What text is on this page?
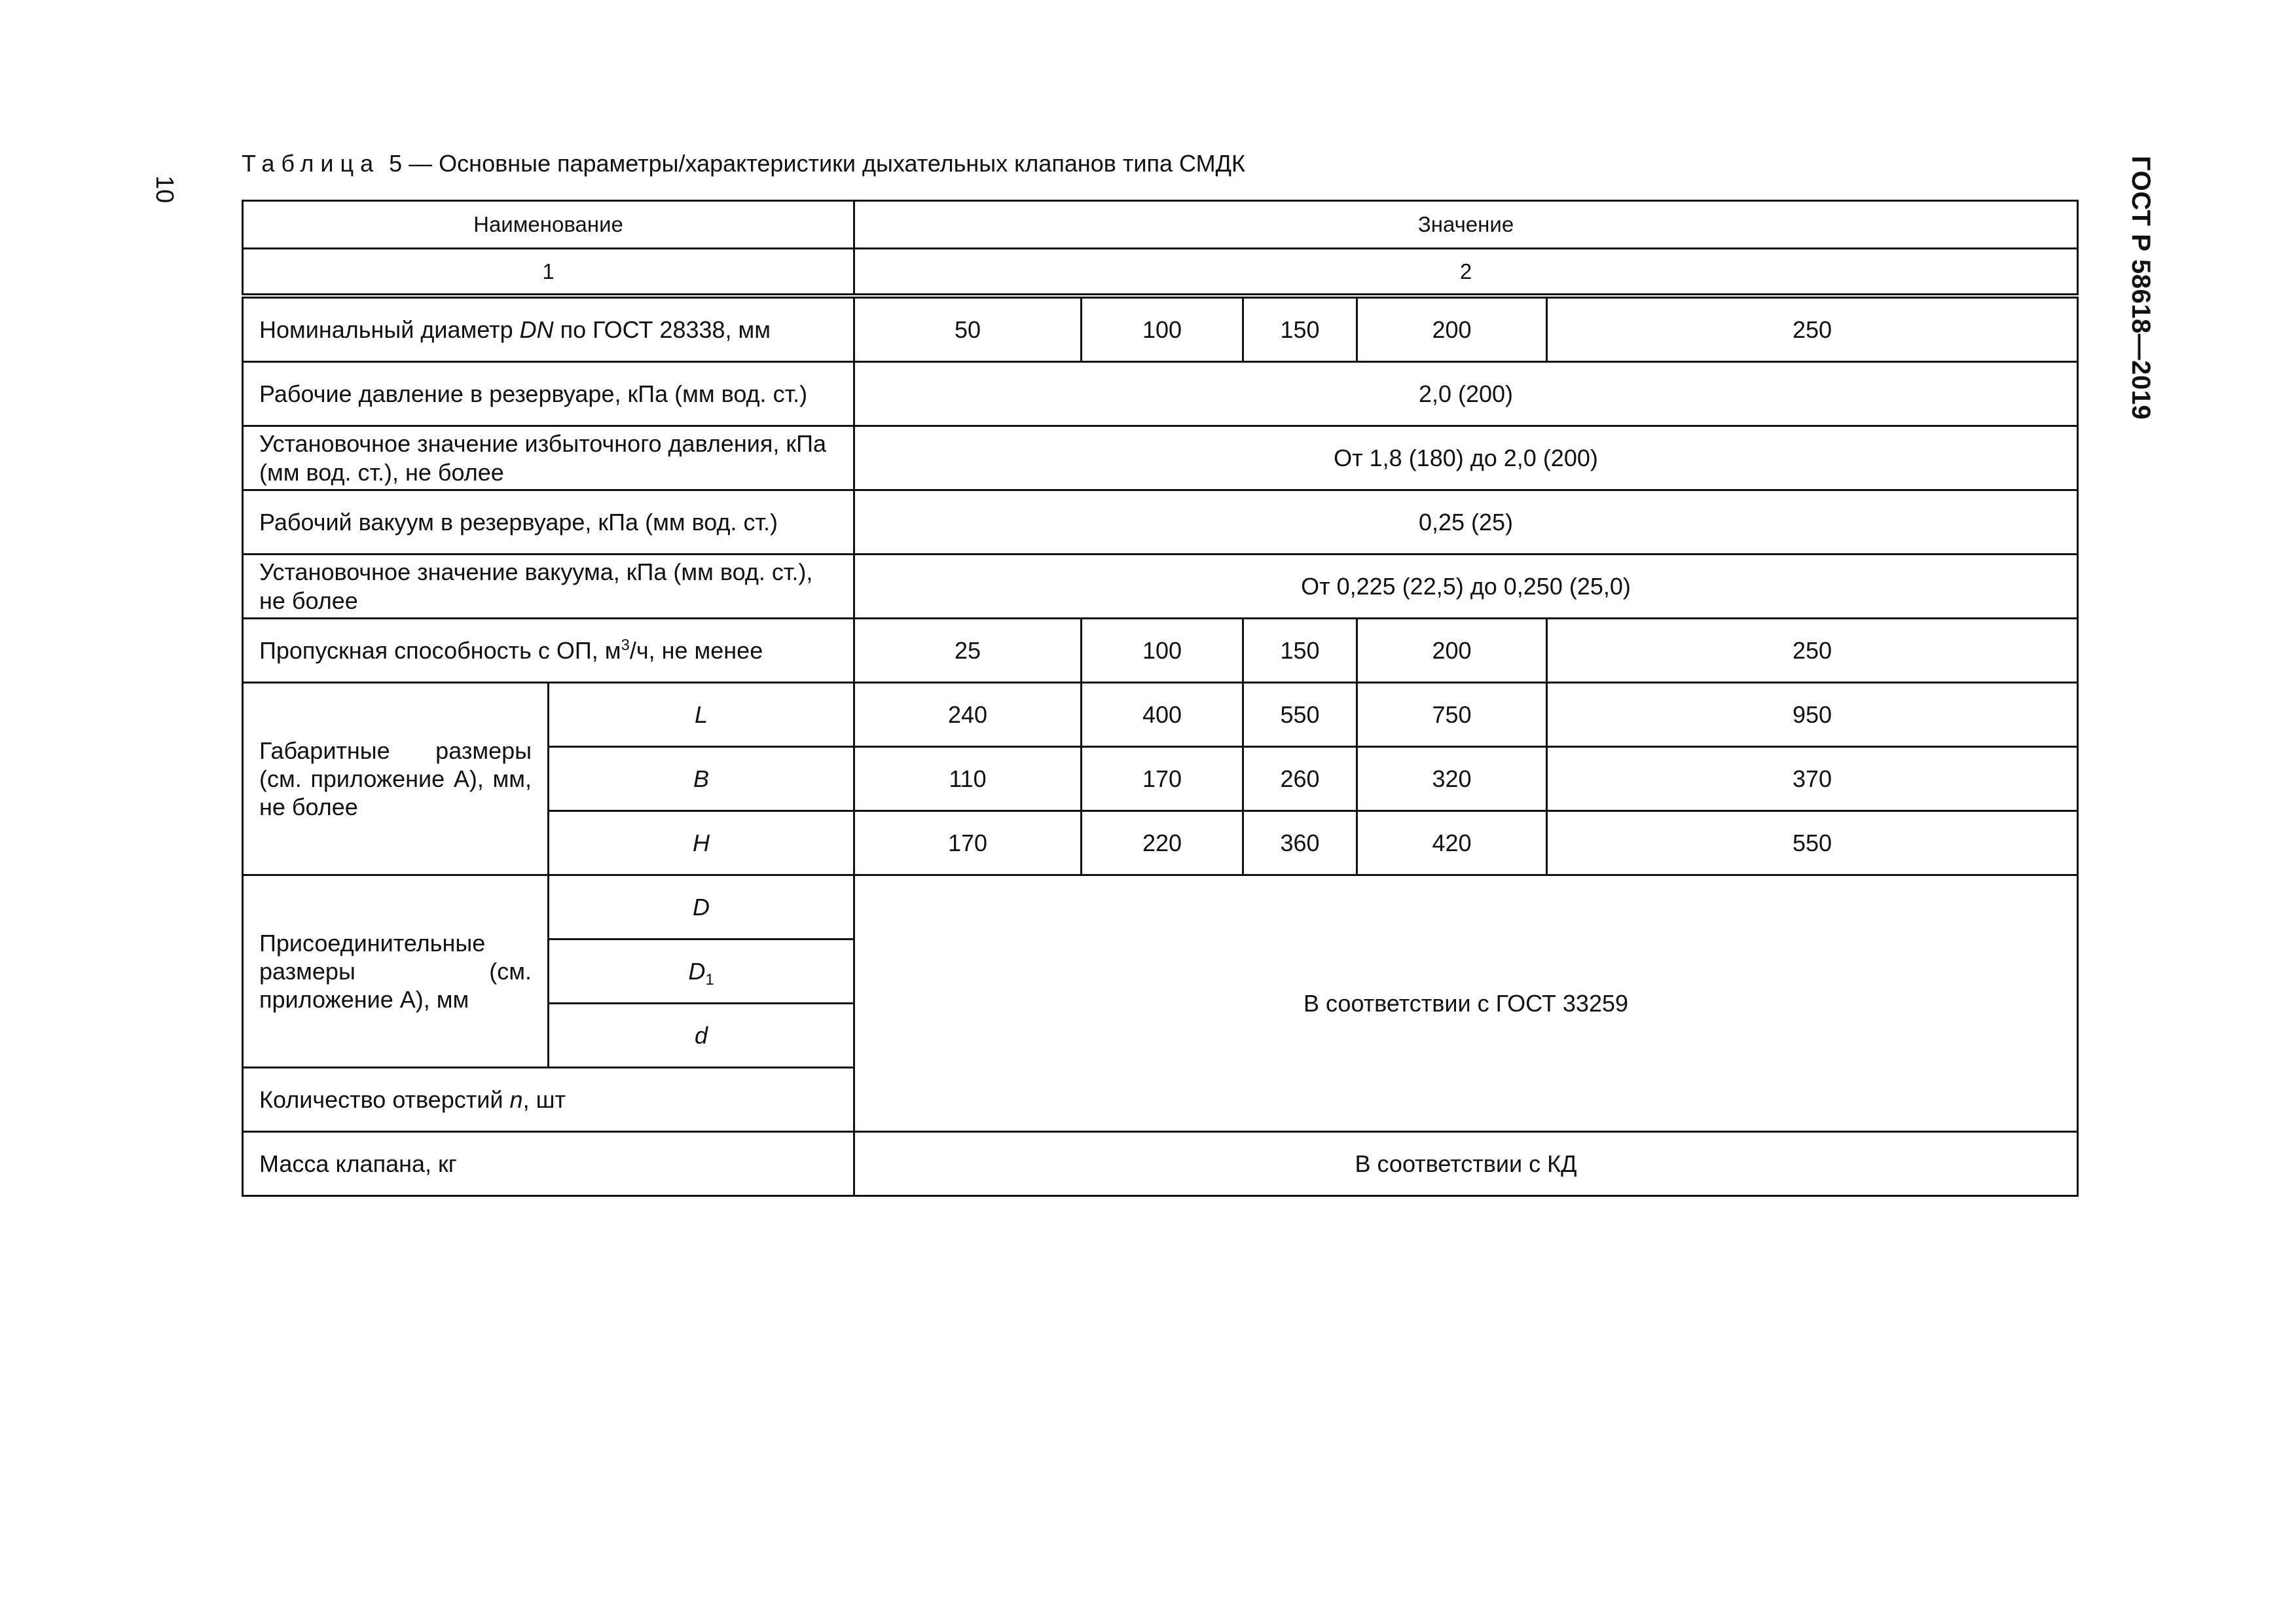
10	ГОСТ Р 58618—2019
Таблица 5 — Основные параметры/характеристики дыхательных клапанов типа СМДК
Наименование		Значение				
1		2				
Номинальный диаметр DN по ГОСТ 28338, мм		50	100	150	200	250
Рабочие давление в резервуаре, кПа (мм вод. ст.)		2,0 (200)				
Установочное значение избыточного давления, кПа (мм вод. ст.), не более		От 1,8 (180) до 2,0 (200)				
Рабочий вакуум в резервуаре, кПа (мм вод. ст.)		0,25 (25)				
Установочное значение вакуума, кПа (мм вод. ст.), не более		От 0,225 (22,5) до 0,250 (25,0)				
Пропускная способность с ОП, $м^3/ч$, не менее		25	100	150	200	250
Габаритные размеры (см. приложение А), мм, не более	L	240	400	550	750	950
	B	110	170	260	320	370
	H	170	220	360	420	550
Присоединительные размеры (см. приложение А), мм	D	В соответствии с ГОСТ 33259				
	$D_1$
	d					
Количество отверстий n, шт						
Масса клапана, кг		В соответствии с КД				
